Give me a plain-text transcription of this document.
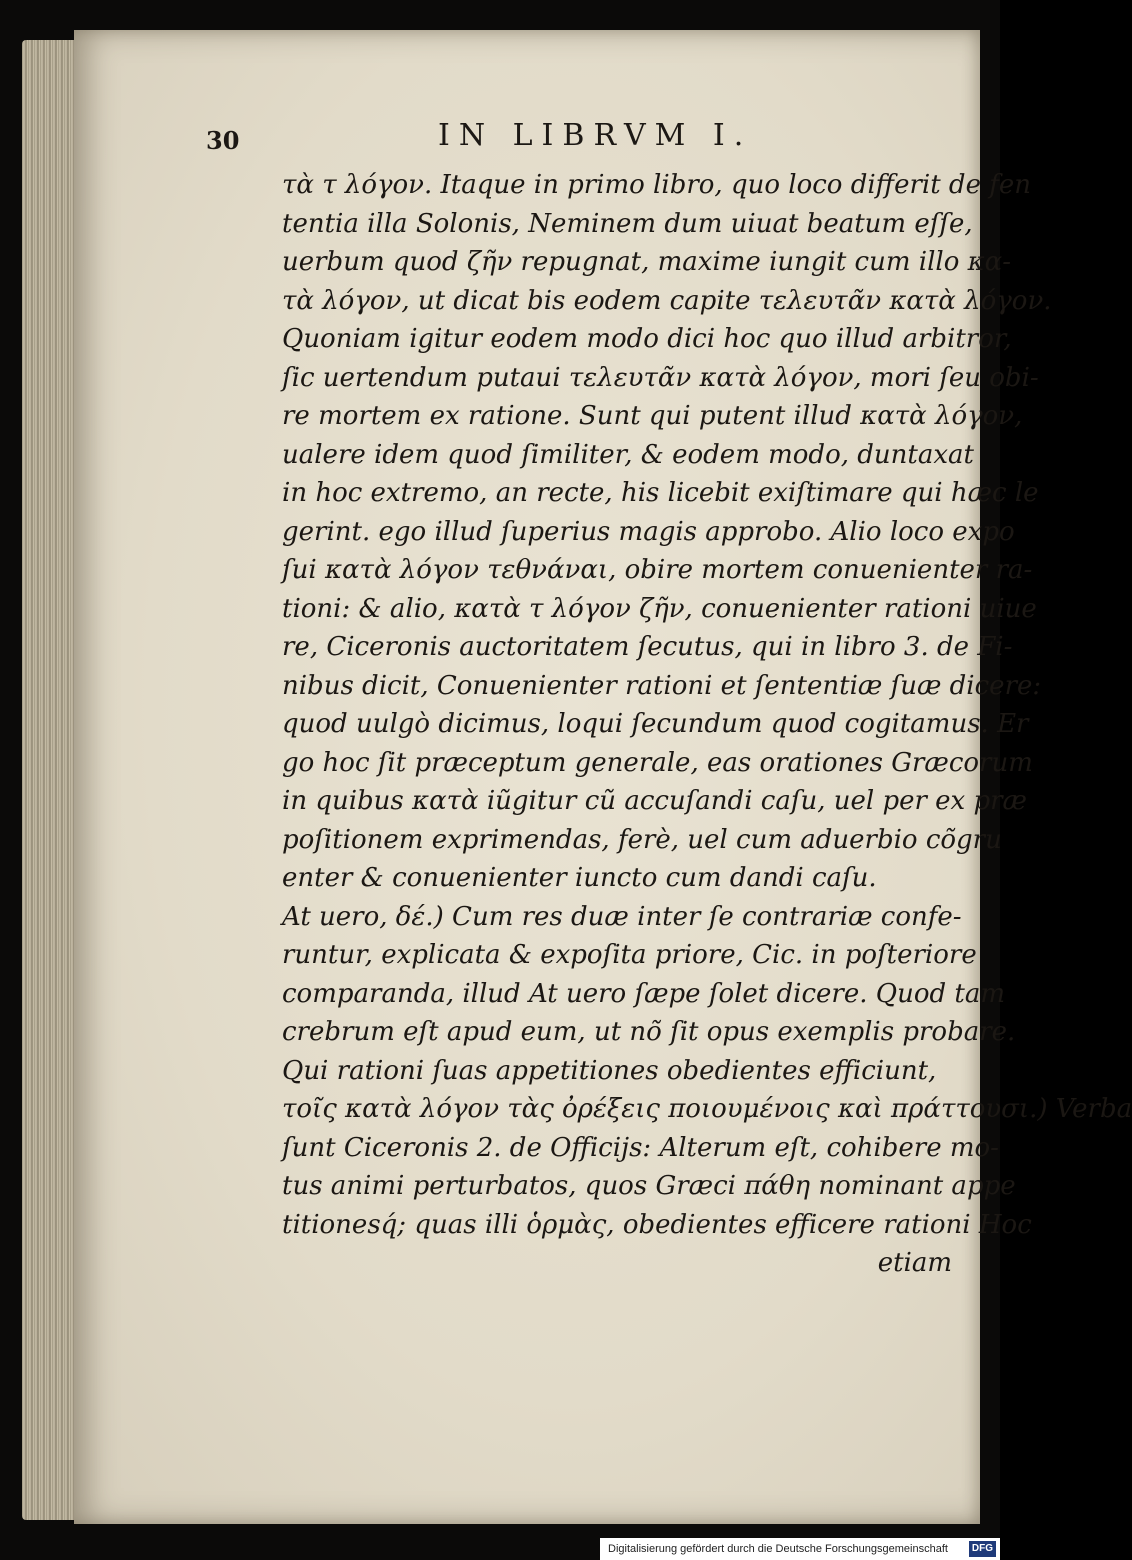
30	IN LIBRVM I.
τὰ τ λόγον. Itaque in primo libro, quo loco differit de fen
tentia illa Solonis, Neminem dum uiuat beatum eſſe,
uerbum quod ζῆν repugnat, maxime iungit cum illo κα-
τὰ λόγον, ut dicat bis eodem capite τελευτᾶν κατὰ λόγον.
Quoniam igitur eodem modo dici hoc quo illud arbitror,
ſic uertendum putaui τελευτᾶν κατὰ λόγον, mori ſeu obi-
re mortem ex ratione. Sunt qui putent illud κατὰ λόγον,
ualere idem quod ſimiliter, & eodem modo, duntaxat
in hoc extremo, an recte, his licebit exiſtimare qui hæc le
gerint. ego illud ſuperius magis approbo. Alio loco expo
ſui κατὰ λόγον τεθνάναι, obire mortem conuenienter ra-
tioni: & alio, κατὰ τ λόγον ζῆν, conuenienter rationi uiue
re, Ciceronis auctoritatem ſecutus, qui in libro 3. de Fi-
nibus dicit, Conuenienter rationi et ſententiæ ſuæ dicere:
quod uulgò dicimus, loqui ſecundum quod cogitamus. Er
go hoc ſit præceptum generale, eas orationes Græcorum
in quibus κατὰ iũgitur cũ accuſandi caſu, uel per ex præ
poſitionem exprimendas, ferè, uel cum aduerbio cõgru
enter & conuenienter iuncto cum dandi caſu.
At uero, δέ.) Cum res duæ inter ſe contrariæ confe-
runtur, explicata & expoſita priore, Cic. in poſteriore
comparanda, illud At uero ſæpe ſolet dicere. Quod tam
crebrum eſt apud eum, ut nõ ſit opus exemplis probare.
Qui rationi ſuas appetitiones obedientes efficiunt,
τοῖς κατὰ λόγον τὰς ὀρέξεις ποιουμένοις καὶ πράττουσι.) Verba
ſunt Ciceronis 2. de Officijs: Alterum eſt, cohibere mo-
tus animi perturbatos, quos Græci πάθη nominant appe
titionesq́; quas illi ὁρμὰς, obedientes efficere rationi Hoc
etiam
Digitalisierung gefördert durch die Deutsche Forschungsgemeinschaft	DFG
